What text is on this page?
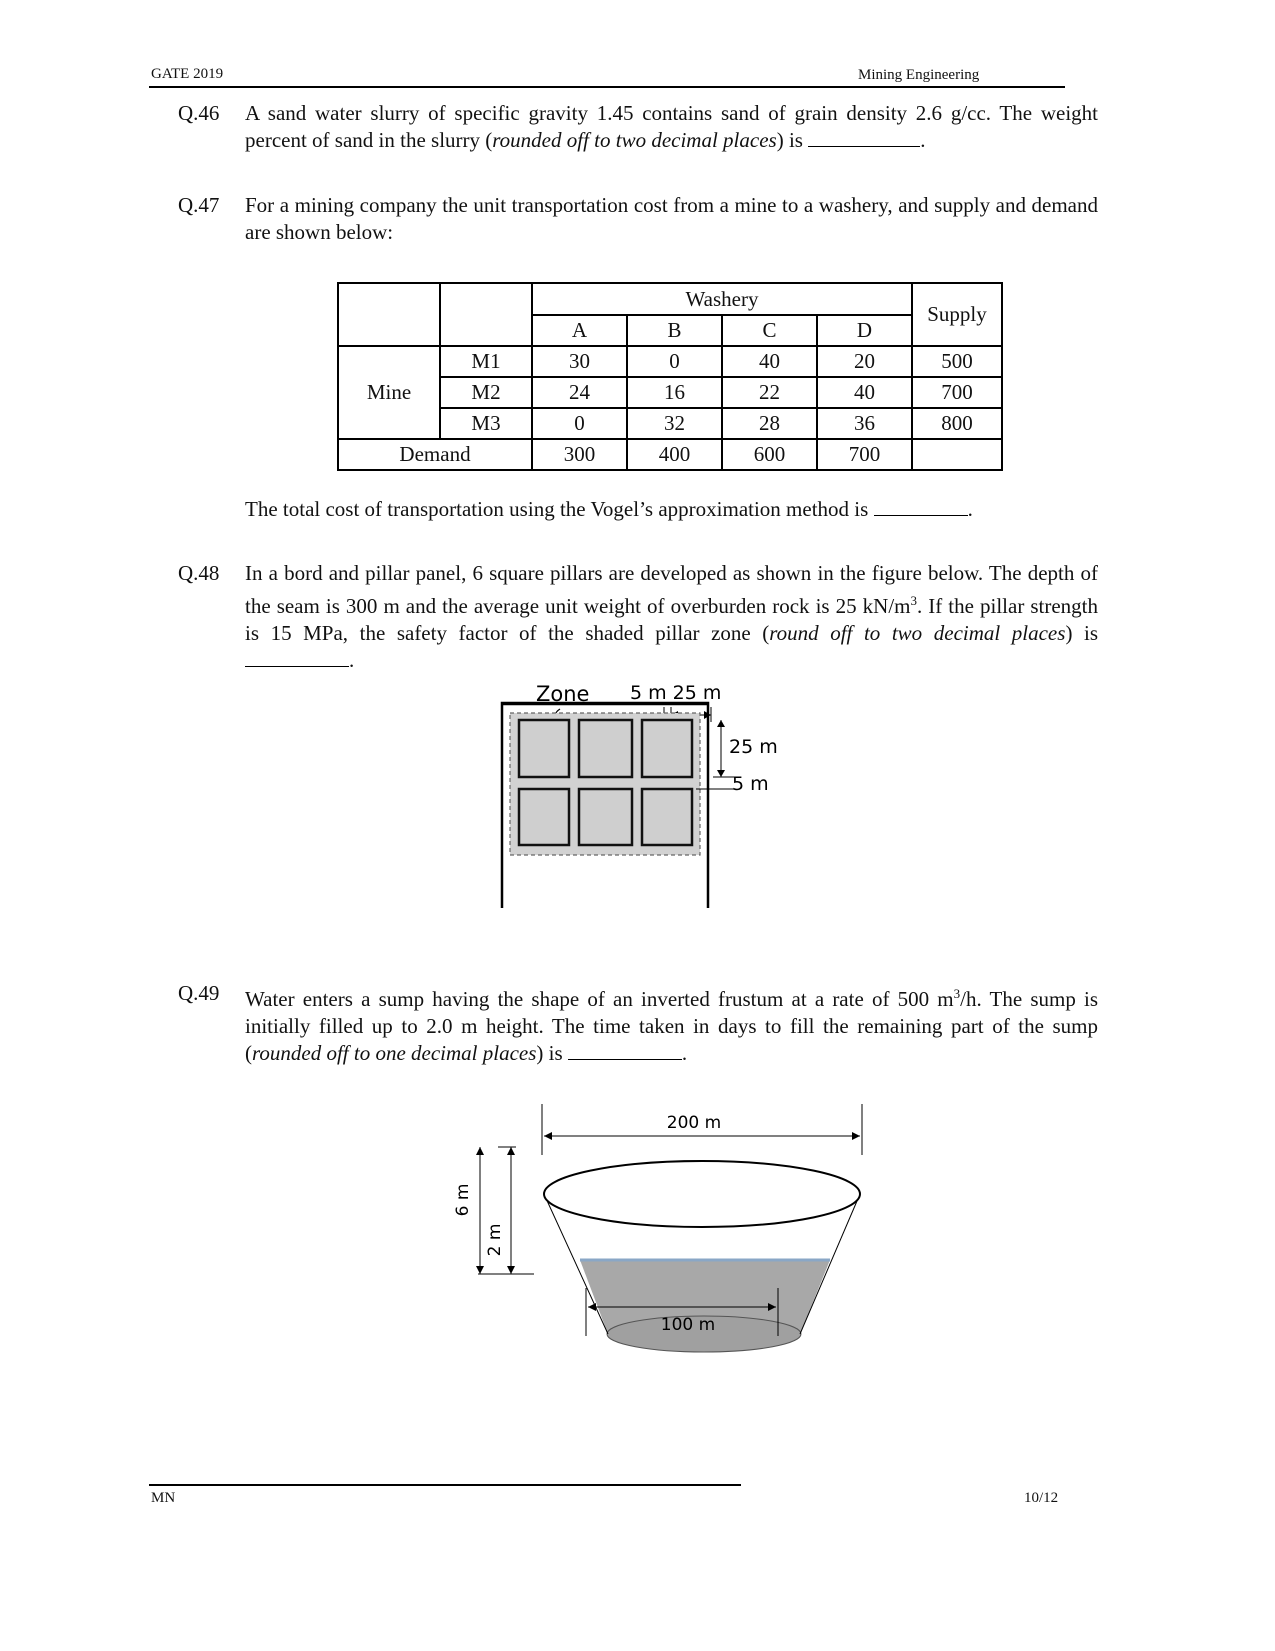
GATE 2019	Mining Engineering
Q.46 A sand water slurry of specific gravity 1.45 contains sand of grain density 2.6 g/cc. The weight percent of sand in the slurry (rounded off to two decimal places) is	.
Q.47 For a mining company the unit transportation cost from a mine to a washery, and supply and demand are shown below:
		Washery				Supply
		A	B	C	D	
Mine	M1	30	0	40	20	500
	M2	24	16	22	40	700
	M3	0	32	28	36	800
Demand		300	400	600	700	
The total cost of transportation using the Vogel’s approximation method is	.
Q.48 In a bord and pillar panel, 6 square pillars are developed as shown in the figure below. The depth of the seam is 300 m and the average unit weight of overburden rock is 25 $kN/m^3$. If the pillar strength is 15 MPa, the safety factor of the shaded pillar zone (round off to two decimal places) is .
Zone 5 m 25 m
25 m
5 m
Q.49 Water enters a sump having the shape of an inverted frustum at a rate of 500 $m^3/h$. The sump is initially filled up to 2.0 m height. The time taken in days to fill the remaining part of the sump (rounded off to one decimal places) is	.
200 m
6 m
2 m
100 m
MN	10/12
